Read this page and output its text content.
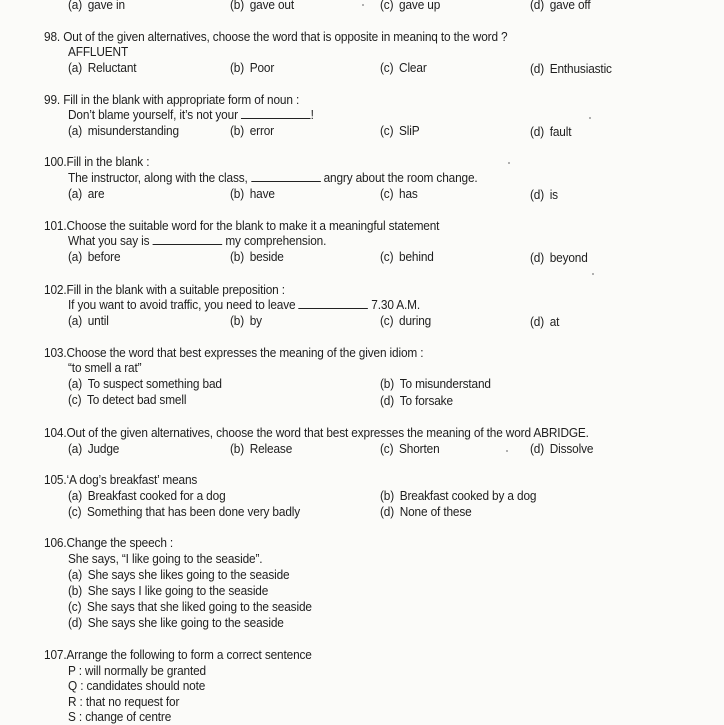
(a) gave in	(b) gave out	(c) gave up	(d) gave off
98. Out of the given alternatives, choose the word that is opposite in meaninq to the word ?
AFFLUENT
(a) Reluctant	(b) Poor	(c) Clear	(d) Enthusiastic
99. Fill in the blank with appropriate form of noun :
Don’t blame yourself, it’s not your	!
(a) misunderstanding	(b) error	(c) SliP	(d) fault
100.Fill in the blank :
The instructor, along with the class,	angry about the room change.
(a) are	(b) have	(c) has	(d) is
101.Choose the suitable word for the blank to make it a meaningful statement
What you say is	my comprehension.
(a) before	(b) beside	(c) behind	(d) beyond
102.Fill in the blank with a suitable preposition :
If you want to avoid traffic, you need to leave	7.30 A.M.
(a) until	(b) by	(c) during	(d) at
103.Choose the word that best expresses the meaning of the given idiom :
“to smell a rat”
(a) To suspect something bad	(b) To misunderstand
(c) To detect bad smell	(d) To forsake
104.Out of the given alternatives, choose the word that best expresses the meaning of the word ABRIDGE.
(a) Judge	(b) Release	(c) Shorten	(d) Dissolve
105.‘A dog’s breakfast’ means
(a) Breakfast cooked for a dog	(b) Breakfast cooked by a dog
(c) Something that has been done very badly	(d) None of these
106.Change the speech :
She says, “I like going to the seaside”.
(a) She says she likes going to the seaside
(b) She says I like going to the seaside
(c) She says that she liked going to the seaside
(d) She says she like going to the seaside
107.Arrange the following to form a correct sentence
P : will normally be granted
Q : candidates should note
R : that no request for
S : change of centre
